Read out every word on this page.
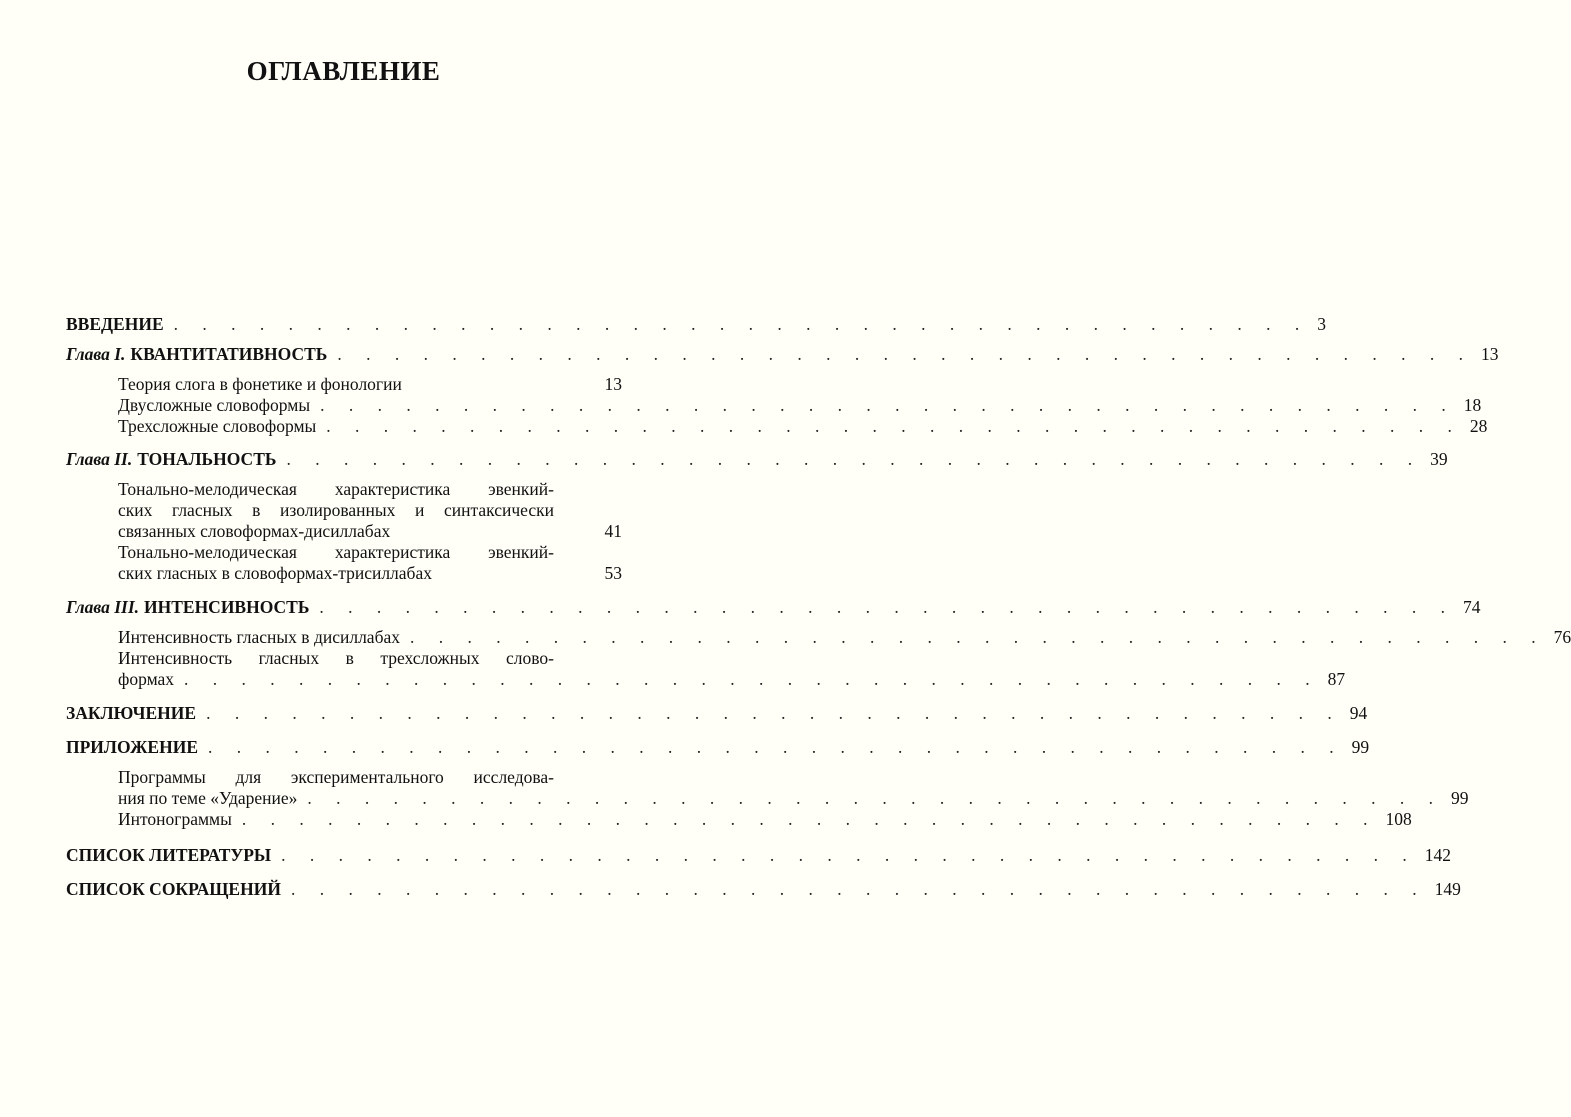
ОГЛАВЛЕНИЕ
ВВЕДЕНИЕ . . . . . . . . . . . . . . . . . . . . . . . . . . . . . . . . . . . . . . . . 3
Глава I. КВАНТИТАТИВНОСТЬ . . . . . . . . . . . . . . . . . . . . . . . . . . . . . . . . . . . . . . . . 13
Теория слога в фонетике и фонологии	13
Двусложные словоформы . . . . . . . . . . . . . . . . . . . . . . . . . . . . . . . . . . . . . . . . 18
Трехсложные словоформы . . . . . . . . . . . . . . . . . . . . . . . . . . . . . . . . . . . . . . . . 28
Глава II. ТОНАЛЬНОСТЬ . . . . . . . . . . . . . . . . . . . . . . . . . . . . . . . . . . . . . . . . 39
Тонально-мелодическая характеристика эвенкий-
ских гласных в изолированных и синтаксически
связанных словоформах-дисиллабах	41
Тонально-мелодическая характеристика эвенкий-
ских гласных в словоформах-трисиллабах	53
Глава III. ИНТЕНСИВНОСТЬ . . . . . . . . . . . . . . . . . . . . . . . . . . . . . . . . . . . . . . . . 74
Интенсивность гласных в дисиллабах . . . . . . . . . . . . . . . . . . . . . . . . . . . . . . . . . . . . . . . . 76
Интенсивность гласных в трехсложных слово-
формах . . . . . . . . . . . . . . . . . . . . . . . . . . . . . . . . . . . . . . . . 87
ЗАКЛЮЧЕНИЕ . . . . . . . . . . . . . . . . . . . . . . . . . . . . . . . . . . . . . . . . 94
ПРИЛОЖЕНИЕ . . . . . . . . . . . . . . . . . . . . . . . . . . . . . . . . . . . . . . . . 99
Программы для экспериментального исследова-
ния по теме «Ударение» . . . . . . . . . . . . . . . . . . . . . . . . . . . . . . . . . . . . . . . . 99
Интонограммы . . . . . . . . . . . . . . . . . . . . . . . . . . . . . . . . . . . . . . . . 108
СПИСОК ЛИТЕРАТУРЫ . . . . . . . . . . . . . . . . . . . . . . . . . . . . . . . . . . . . . . . . 142
СПИСОК СОКРАЩЕНИЙ . . . . . . . . . . . . . . . . . . . . . . . . . . . . . . . . . . . . . . . . 149
